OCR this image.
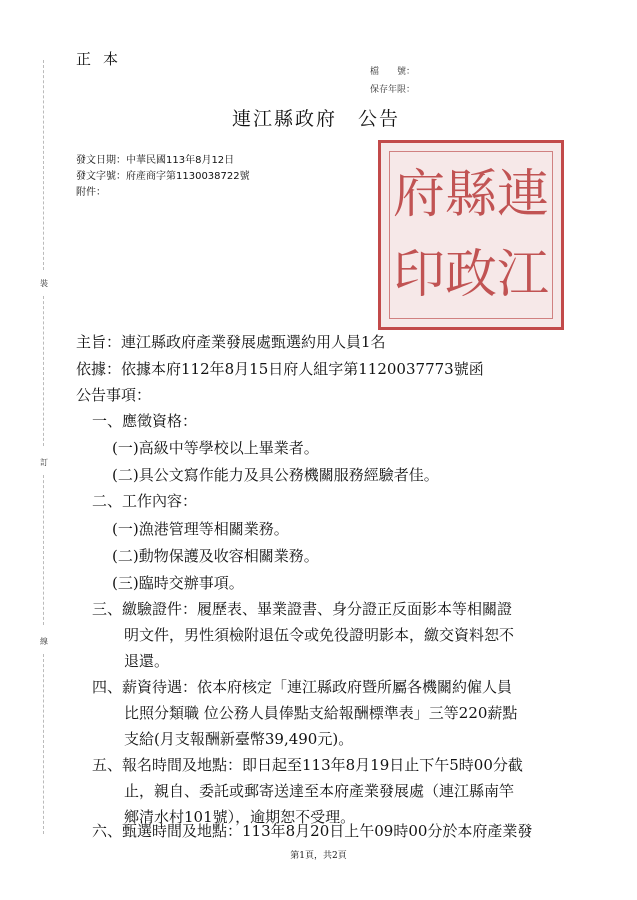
正本
檔　　號：
保存年限：
連江縣政府　公告
發文日期：中華民國113年8月12日
發文字號：府產商字第1130038722號
附件：	連
縣
府
江
政
印
裝
訂
線
主旨：連江縣政府產業發展處甄選約用人員1名
依據：依據本府112年8月15日府人組字第1120037773號函
公告事項：
一、應徵資格：
(一)高級中等學校以上畢業者。
(二)具公文寫作能力及具公務機關服務經驗者佳。
二、工作內容：
(一)漁港管理等相關業務。
(二)動物保護及收容相關業務。
(三)臨時交辦事項。
三、繳驗證件：履歷表、畢業證書、身分證正反面影本等相關證
明文件，男性須檢附退伍令或免役證明影本，繳交資料恕不
退還。
四、薪資待遇：依本府核定「連江縣政府暨所屬各機關約僱人員
比照分類職 位公務人員俸點支給報酬標準表」三等220薪點
支給(月支報酬新臺幣39,490元)。
五、報名時間及地點：即日起至113年8月19日止下午5時00分截
止，親自、委託或郵寄送達至本府產業發展處（連江縣南竿
鄉清水村101號），逾期恕不受理。
六、甄選時間及地點：113年8月20日上午09時00分於本府產業發
第1頁，共2頁
